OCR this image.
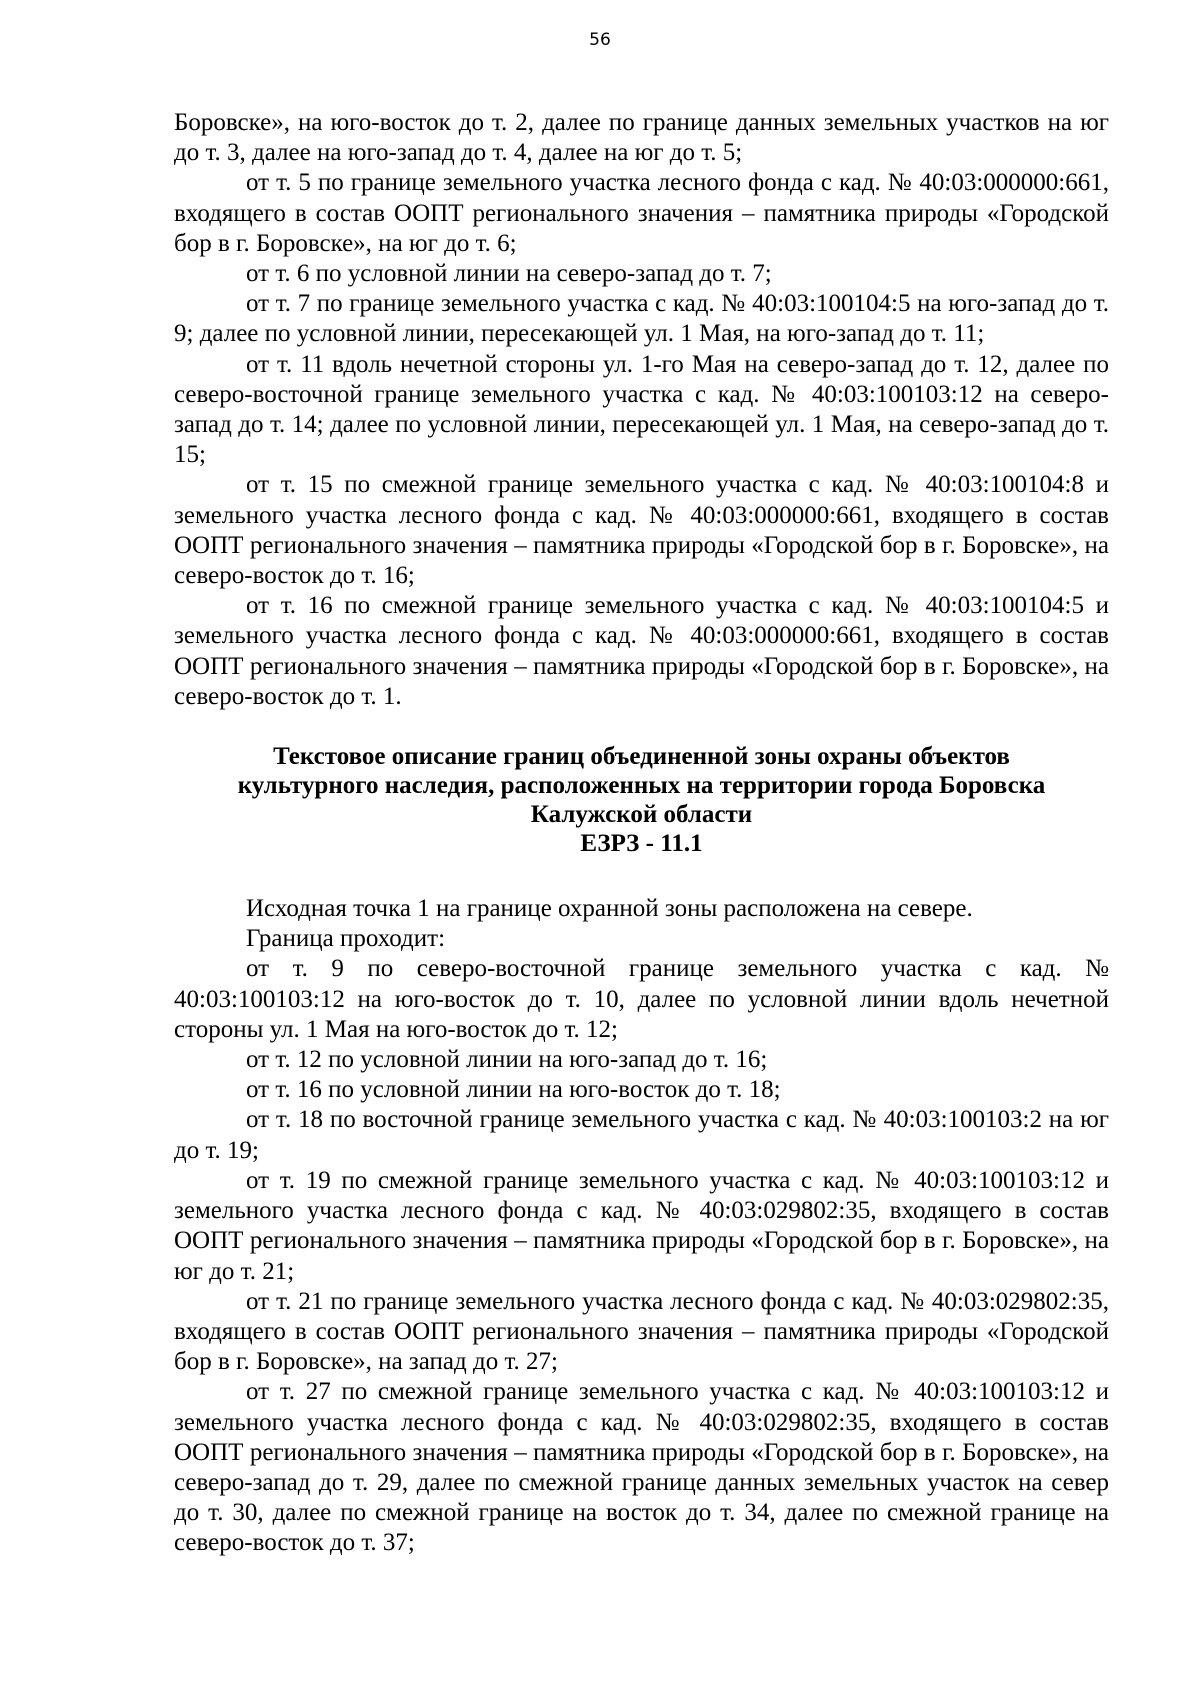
56

Боровске», на юго-восток до т. 2, далее по границе данных земельных участков на юг до т. 3, далее на юго-запад до т. 4, далее на юг до т. 5;

от т. 5 по границе земельного участка лесного фонда с кад. № 40:03:000000:661, входящего в состав ООПТ регионального значения – памятника природы «Городской бор в г. Боровске», на юг до т. 6;

от т. 6 по условной линии на северо-запад до т. 7;

от т. 7 по границе земельного участка с кад. № 40:03:100104:5 на юго-запад до т. 9; далее по условной линии, пересекающей ул. 1 Мая, на юго-запад до т. 11;

от т. 11 вдоль нечетной стороны ул. 1-го Мая на северо-запад до т. 12, далее по северо-восточной границе земельного участка с кад. № 40:03:100103:12 на северо-запад до т. 14; далее по условной линии, пересекающей ул. 1 Мая, на северо-запад до т. 15;

от т. 15 по смежной границе земельного участка с кад. № 40:03:100104:8 и земельного участка лесного фонда с кад. № 40:03:000000:661, входящего в состав ООПТ регионального значения – памятника природы «Городской бор в г. Боровске», на северо-восток до т. 16;

от т. 16 по смежной границе земельного участка с кад. № 40:03:100104:5 и земельного участка лесного фонда с кад. № 40:03:000000:661, входящего в состав ООПТ регионального значения – памятника природы «Городской бор в г. Боровске», на северо-восток до т. 1.

Текстовое описание границ объединенной зоны охраны объектов
культурного наследия, расположенных на территории города Боровска
Калужской области
ЕЗРЗ - 11.1

Исходная точка 1 на границе охранной зоны расположена на севере.

Граница проходит:

от т. 9 по северо-восточной границе земельного участка с кад. № 40:03:100103:12 на юго-восток до т. 10, далее по условной линии вдоль нечетной стороны ул. 1 Мая на юго-восток до т. 12;

от т. 12 по условной линии на юго-запад до т. 16;

от т. 16 по условной линии на юго-восток до т. 18;

от т. 18 по восточной границе земельного участка с кад. № 40:03:100103:2 на юг до т. 19;

от т. 19 по смежной границе земельного участка с кад. № 40:03:100103:12 и земельного участка лесного фонда с кад. № 40:03:029802:35, входящего в состав ООПТ регионального значения – памятника природы «Городской бор в г. Боровске», на юг до т. 21;

от т. 21 по границе земельного участка лесного фонда с кад. № 40:03:029802:35, входящего в состав ООПТ регионального значения – памятника природы «Городской бор в г. Боровске», на запад до т. 27;

от т. 27 по смежной границе земельного участка с кад. № 40:03:100103:12 и земельного участка лесного фонда с кад. № 40:03:029802:35, входящего в состав ООПТ регионального значения – памятника природы «Городской бор в г. Боровске», на северо-запад до т. 29, далее по смежной границе данных земельных участок на север до т. 30, далее по смежной границе на восток до т. 34, далее по смежной границе на северо-восток до т. 37;
